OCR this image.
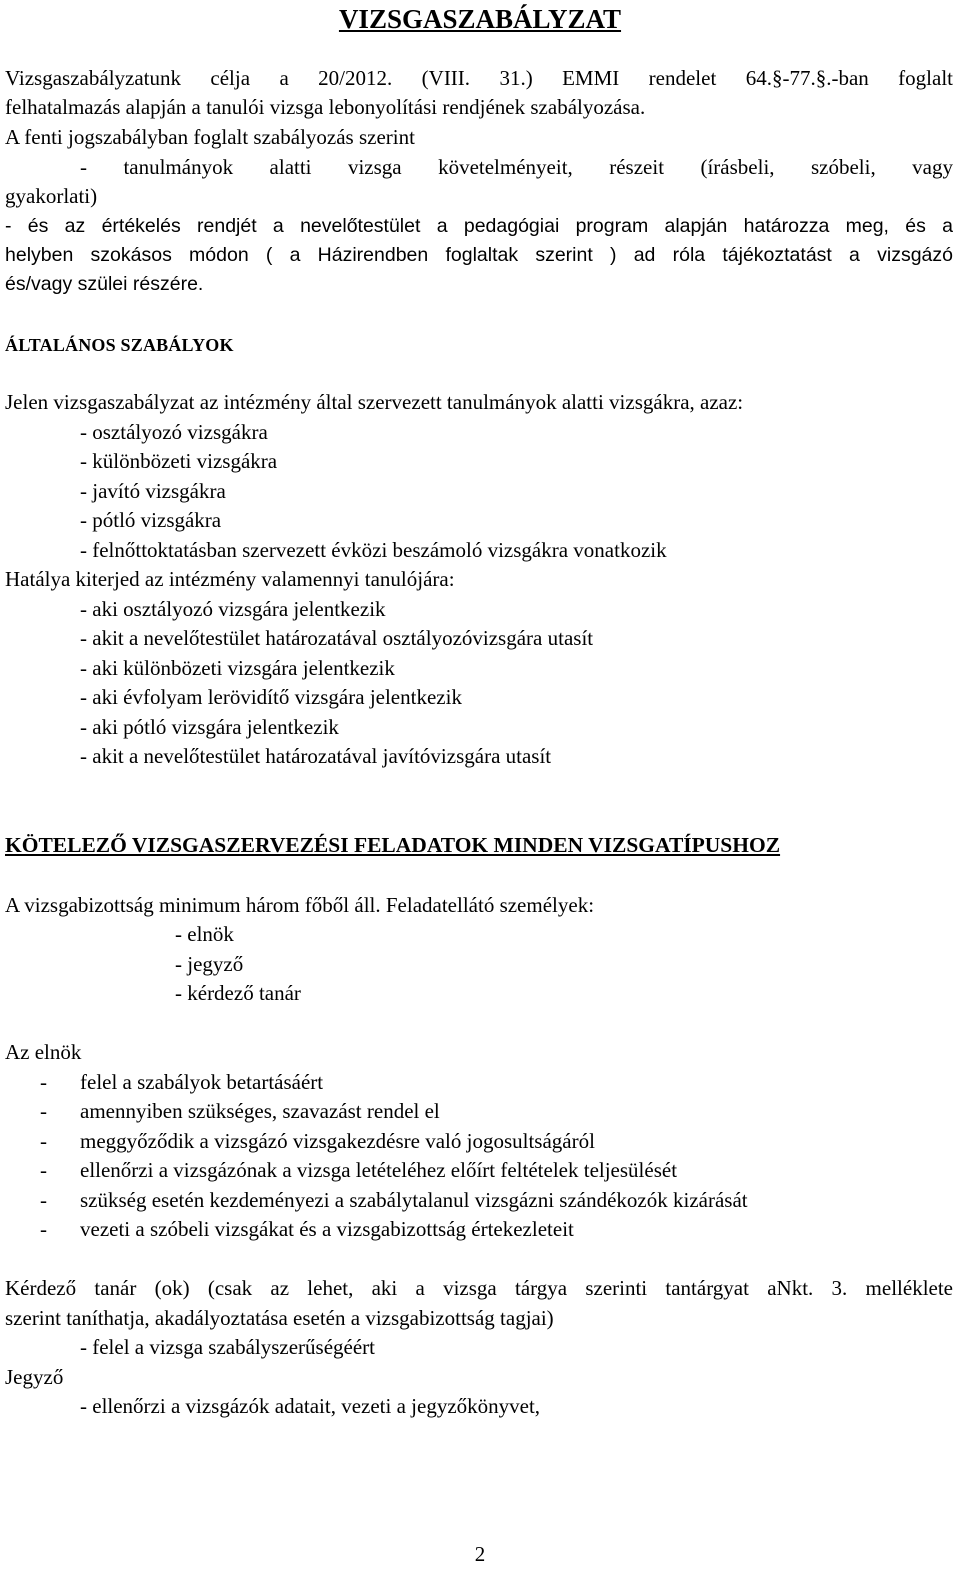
VIZSGASZABÁLYZAT
Vizsgaszabályzatunk célja a 20/2012. (VIII. 31.) EMMI rendelet 64.§-77.§.-ban foglalt
felhatalmazás alapján a tanulói vizsga lebonyolítási rendjének szabályozása.
A fenti jogszabályban foglalt szabályozás szerint
- tanulmányok alatti vizsga követelményeit, részeit (írásbeli, szóbeli, vagy
gyakorlati)
- és az értékelés rendjét a nevelőtestület a pedagógiai program alapján határozza meg, és a
helyben szokásos módon ( a Házirendben foglaltak szerint ) ad róla tájékoztatást a vizsgázó
és/vagy szülei részére.
ÁLTALÁNOS SZABÁLYOK
Jelen vizsgaszabályzat az intézmény által szervezett tanulmányok alatti vizsgákra, azaz:
- osztályozó vizsgákra
- különbözeti vizsgákra
- javító vizsgákra
- pótló vizsgákra
- felnőttoktatásban szervezett évközi beszámoló vizsgákra vonatkozik
Hatálya kiterjed az intézmény valamennyi tanulójára:
- aki osztályozó vizsgára jelentkezik
- akit a nevelőtestület határozatával osztályozóvizsgára utasít
- aki különbözeti vizsgára jelentkezik
- aki évfolyam lerövidítő vizsgára jelentkezik
- aki pótló vizsgára jelentkezik
- akit a nevelőtestület határozatával javítóvizsgára utasít
KÖTELEZŐ VIZSGASZERVEZÉSI FELADATOK MINDEN VIZSGATÍPUSHOZ
A vizsgabizottság minimum három főből áll. Feladatellátó személyek:
- elnök
- jegyző
- kérdező tanár
Az elnök
- felel a szabályok betartásáért
- amennyiben szükséges, szavazást rendel el
- meggyőződik a vizsgázó vizsgakezdésre való jogosultságáról
- ellenőrzi a vizsgázónak a vizsga letételéhez előírt feltételek teljesülését
- szükség esetén kezdeményezi a szabálytalanul vizsgázni szándékozók kizárását
- vezeti a szóbeli vizsgákat és a vizsgabizottság értekezleteit
Kérdező tanár (ok) (csak az lehet, aki a vizsga tárgya szerinti tantárgyat aNkt. 3. melléklete
szerint taníthatja, akadályoztatása esetén a vizsgabizottság tagjai)
- felel a vizsga szabályszerűségéért
Jegyző
- ellenőrzi a vizsgázók adatait, vezeti a jegyzőkönyvet,
2
